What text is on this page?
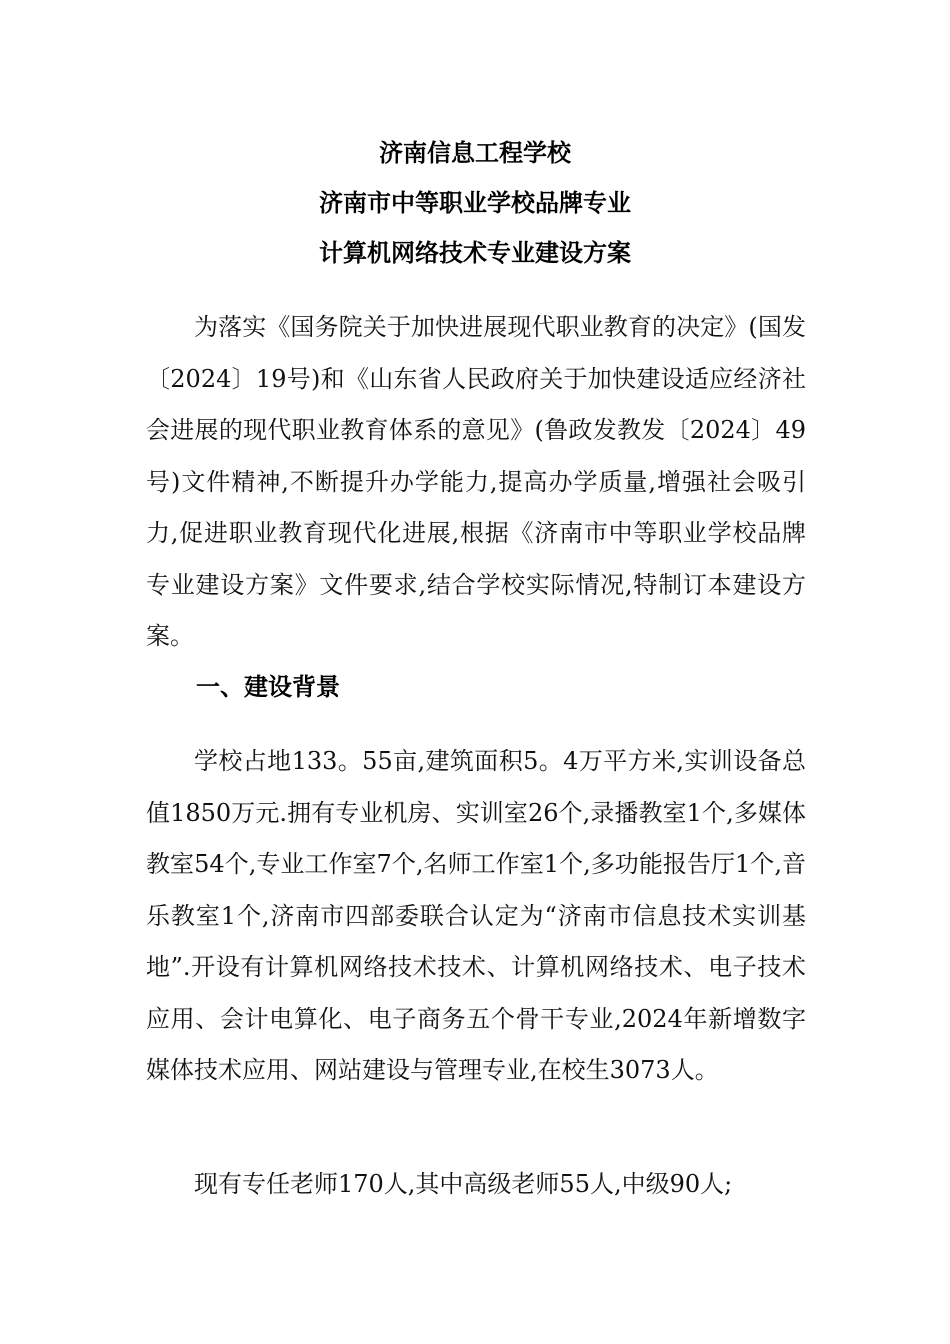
济南信息工程学校
济南市中等职业学校品牌专业
计算机网络技术专业建设方案

为落实《国务院关于加快进展现代职业教育的决定》(国发〔2024〕19号)和《山东省人民政府关于加快建设适应经济社会进展的现代职业教育体系的意见》(鲁政发教发〔2024〕49号)文件精神,不断提升办学能力,提高办学质量,增强社会吸引力,促进职业教育现代化进展,根据《济南市中等职业学校品牌专业建设方案》文件要求,结合学校实际情况,特制订本建设方案。

一、建设背景

学校占地133。55亩,建筑面积5。4万平方米,实训设备总值1850万元.拥有专业机房、实训室26个,录播教室1个,多媒体教室54个,专业工作室7个,名师工作室1个,多功能报告厅1个,音乐教室1个,济南市四部委联合认定为“济南市信息技术实训基地”.开设有计算机网络技术技术、计算机网络技术、电子技术应用、会计电算化、电子商务五个骨干专业,2024年新增数字媒体技术应用、网站建设与管理专业,在校生3073人。

现有专任老师170人,其中高级老师55人,中级90人;
